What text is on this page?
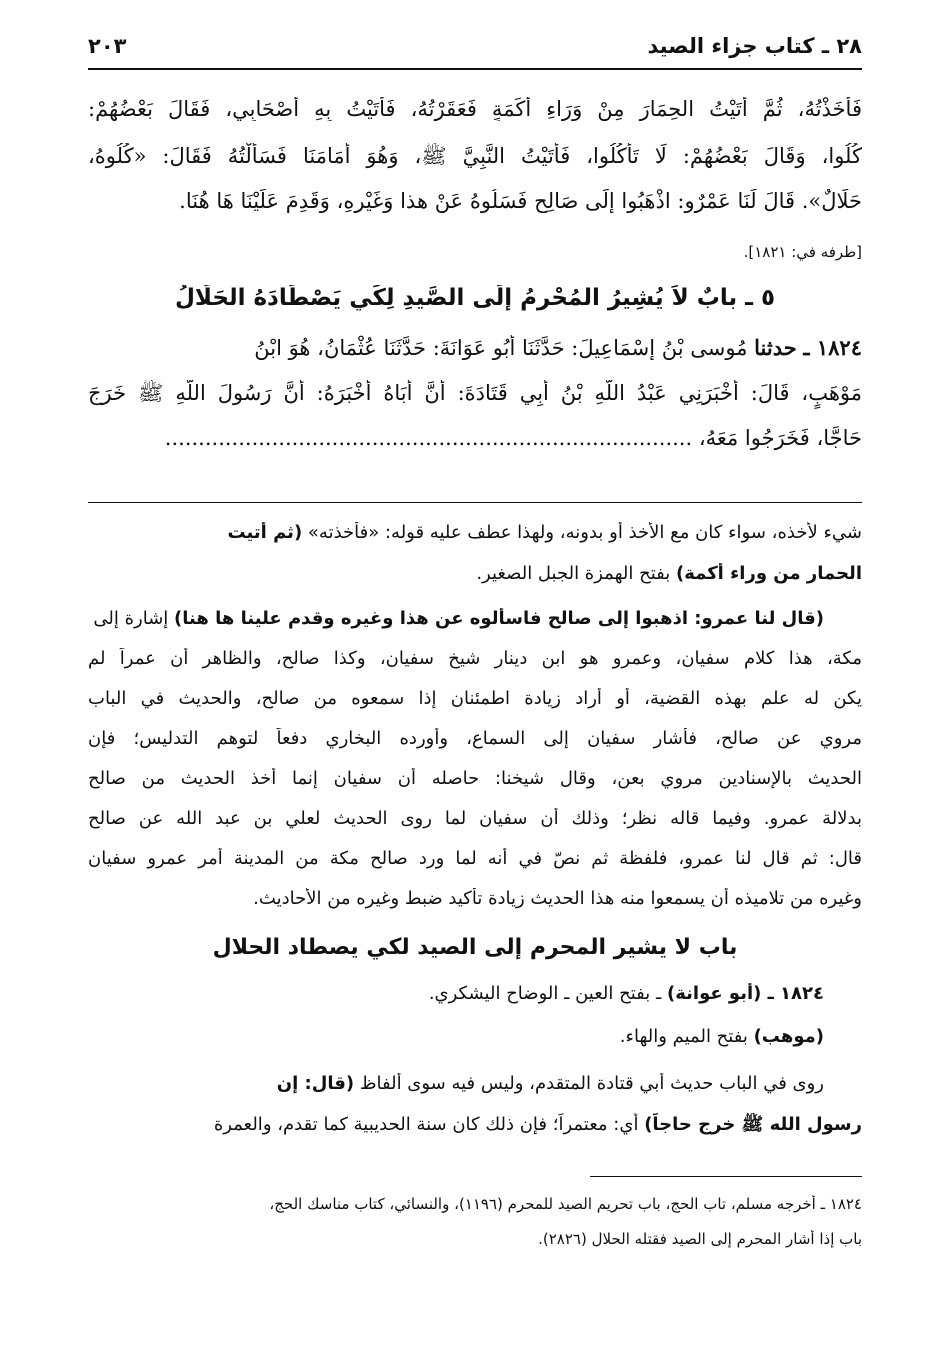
٢٨ ـ كتاب جزاء الصيد
٢٠٣
فَأَخَذْتُهُ، ثُمَّ أَتَيْتُ الحِمَارَ مِنْ وَرَاءِ أَكَمَةٍ فَعَقَرْتُهُ، فَأَتَيْتُ بِهِ أَصْحَابِي، فَقَالَ بَعْضُهُمْ:
كُلُوا، وَقَالَ بَعْضُهُمْ: لَا تَأْكُلُوا، فَأَتَيْتُ النَّبِيَّ ﷺ، وَهُوَ أَمَامَنَا فَسَأَلْتُهُ فَقَالَ: «كُلُوهُ،
حَلَالٌ». قَالَ لَنَا عَمْرٌو: اذْهَبُوا إِلَى صَالِحٍ فَسَلُوهُ عَنْ هذا وَغَيْرِهِ، وَقَدِمَ عَلَيْنَا هَا هُنَا.
[طرفه في: ١٨٢١].
٥ ـ بابٌ لاَ يُشِيرُ المُحْرِمُ إِلَى الصَّيدِ لِكَي يَصْطَادَهُ الحَلَالُ
١٨٢٤ ـ حدثنا مُوسى بْنُ إِسْمَاعِيلَ: حَدَّثَنَا أَبُو عَوَانَةَ: حَدَّثَنَا عُثْمَانُ، هُوَ ابْنُ
مَوْهَبٍ، قَالَ: أَخْبَرَنِي عَبْدُ اللَّهِ بْنُ أَبِي قَتَادَةَ: أَنَّ أَبَاهُ أَخْبَرَهُ: أَنَّ رَسُولَ اللَّهِ ﷺ خَرَجَ
حَاجًّا، فَخَرَجُوا مَعَهُ، ...............................................................................
شيء لأخذه، سواء كان مع الأخذ أو بدونه، ولهذا عطف عليه قوله: «فأخذته» (ثم أتيت
الحمار من وراء أكمة) بفتح الهمزة الجبل الصغير.
(قال لنا عمرو: اذهبوا إلى صالح فاسألوه عن هذا وغيره وقدم علينا ها هنا) إشارة إلى
مكة، هذا كلام سفيان، وعمرو هو ابن دينار شيخ سفيان، وكذا صالح، والظاهر أن عمراً لم
يكن له علم بهذه القضية، أو أراد زيادة اطمئنان إذا سمعوه من صالح، والحديث في الباب
مروي عن صالح، فأشار سفيان إلى السماع، وأورده البخاري دفعاً لتوهم التدليس؛ فإن
الحديث بالإسنادين مروي بعن، وقال شيخنا: حاصله أن سفيان إنما أخذ الحديث من صالح
بدلالة عمرو. وفيما قاله نظر؛ وذلك أن سفيان لما روى الحديث لعلي بن عبد الله عن صالح
قال: ثم قال لنا عمرو، فلفظة ثم نصّ في أنه لما ورد صالح مكة من المدينة أمر عمرو سفيان
وغيره من تلاميذه أن يسمعوا منه هذا الحديث زيادة تأكيد ضبط وغيره من الأحاديث.
باب لا يشير المحرم إلى الصيد لكي يصطاد الحلال
١٨٢٤ ـ (أبو عوانة) ـ بفتح العين ـ الوضاح اليشكري.
(موهب) بفتح الميم والهاء.
روى في الباب حديث أبي قتادة المتقدم، وليس فيه سوى ألفاظ (قال: إن
رسول الله ﷺ خرج حاجاً) أي: معتمراً؛ فإن ذلك كان سنة الحديبية كما تقدم، والعمرة
١٨٢٤ ـ أخرجه مسلم، تاب الحج، باب تحريم الصيد للمحرم (١١٩٦)، والنسائي، كتاب مناسك الحج،
باب إذا أشار المحرم إلى الصيد فقتله الحلال (٢٨٢٦).
